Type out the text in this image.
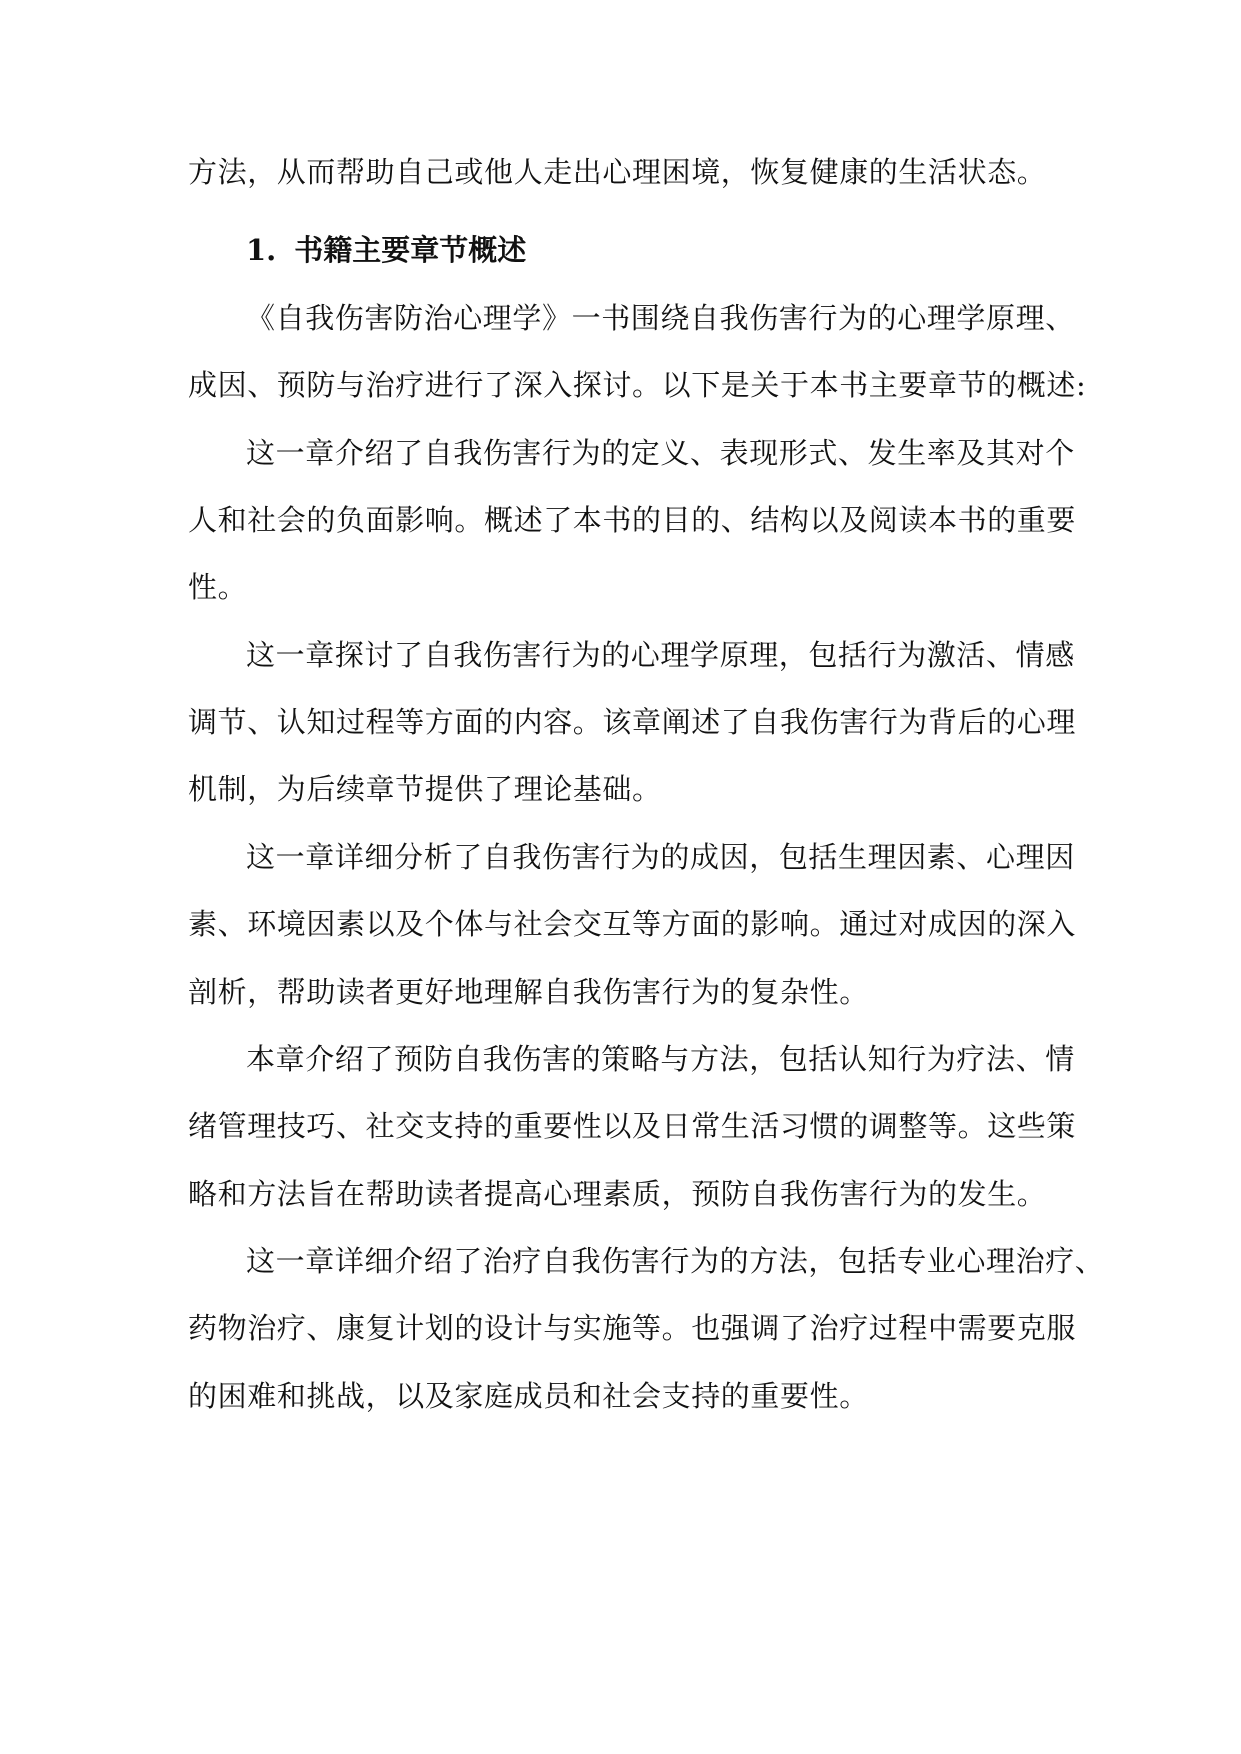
方法，从而帮助自己或他人走出心理困境，恢复健康的生活状态。
1. 书籍主要章节概述
《自我伤害防治心理学》一书围绕自我伤害行为的心理学原理、
成因、预防与治疗进行了深入探讨。以下是关于本书主要章节的概述:
这一章介绍了自我伤害行为的定义、表现形式、发生率及其对个
人和社会的负面影响。概述了本书的目的、结构以及阅读本书的重要
性。
这一章探讨了自我伤害行为的心理学原理，包括行为激活、情感
调节、认知过程等方面的内容。该章阐述了自我伤害行为背后的心理
机制，为后续章节提供了理论基础。
这一章详细分析了自我伤害行为的成因，包括生理因素、心理因
素、环境因素以及个体与社会交互等方面的影响。通过对成因的深入
剖析，帮助读者更好地理解自我伤害行为的复杂性。
本章介绍了预防自我伤害的策略与方法，包括认知行为疗法、情
绪管理技巧、社交支持的重要性以及日常生活习惯的调整等。这些策
略和方法旨在帮助读者提高心理素质，预防自我伤害行为的发生。
这一章详细介绍了治疗自我伤害行为的方法，包括专业心理治疗、
药物治疗、康复计划的设计与实施等。也强调了治疗过程中需要克服
的困难和挑战，以及家庭成员和社会支持的重要性。
